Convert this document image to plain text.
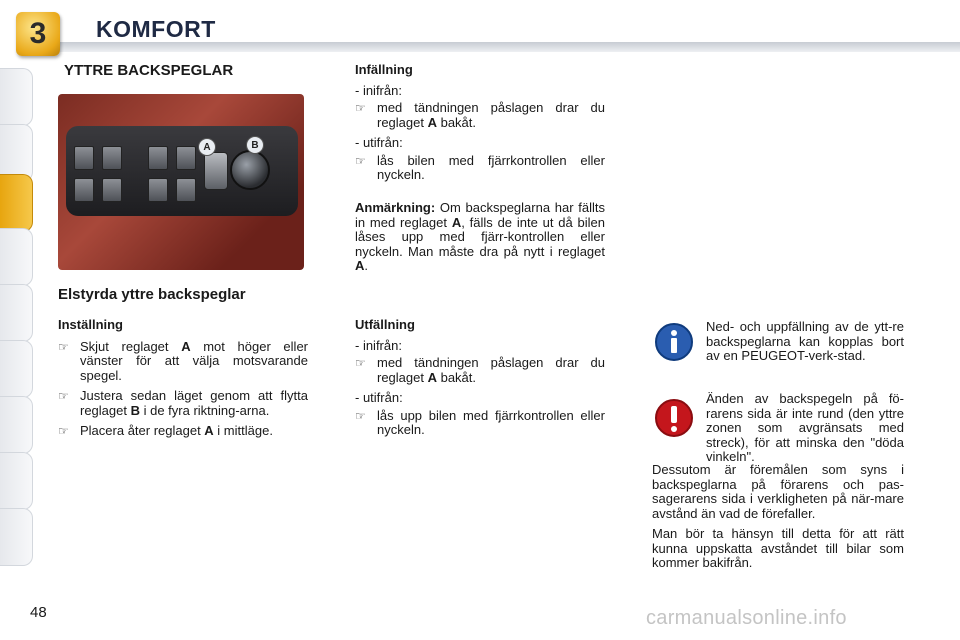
3 KOMFORT
YTTRE BACKSPEGLAR
A	B
Elstyrda yttre backspeglar
Inställning
☞ Skjut reglaget A mot höger eller vänster för att välja motsvarande spegel.
☞ Justera sedan läget genom att flytta reglaget B i de fyra riktning-arna.
☞ Placera åter reglaget A i mittläge.
Infällning
- inifrån:
☞ med tändningen påslagen drar du reglaget A bakåt.
- utifrån:
☞ lås bilen med fjärrkontrollen eller nyckeln.
Anmärkning: Om backspeglarna har fällts in med reglaget A, fälls de inte ut då bilen låses upp med fjärr-kontrollen eller nyckeln. Man måste dra på nytt i reglaget A.
Utfällning
- inifrån:
☞ med tändningen påslagen drar du reglaget A bakåt.
- utifrån:
☞ lås upp bilen med fjärrkontrollen eller nyckeln.
Ned- och uppfällning av de ytt-re backspeglarna kan kopplas bort av en PEUGEOT-verk-stad.
Änden av backspegeln på fö-rarens sida är inte rund (den yttre zonen som avgränsats med streck), för att minska den "döda vinkeln".

Dessutom är föremålen som syns i backspeglarna på förarens och pas-sagerarens sida i verkligheten på när-mare avstånd än vad de förefaller.

Man bör ta hänsyn till detta för att rätt kunna uppskatta avståndet till bilar som kommer bakifrån.

48	carmanualsonline.info
